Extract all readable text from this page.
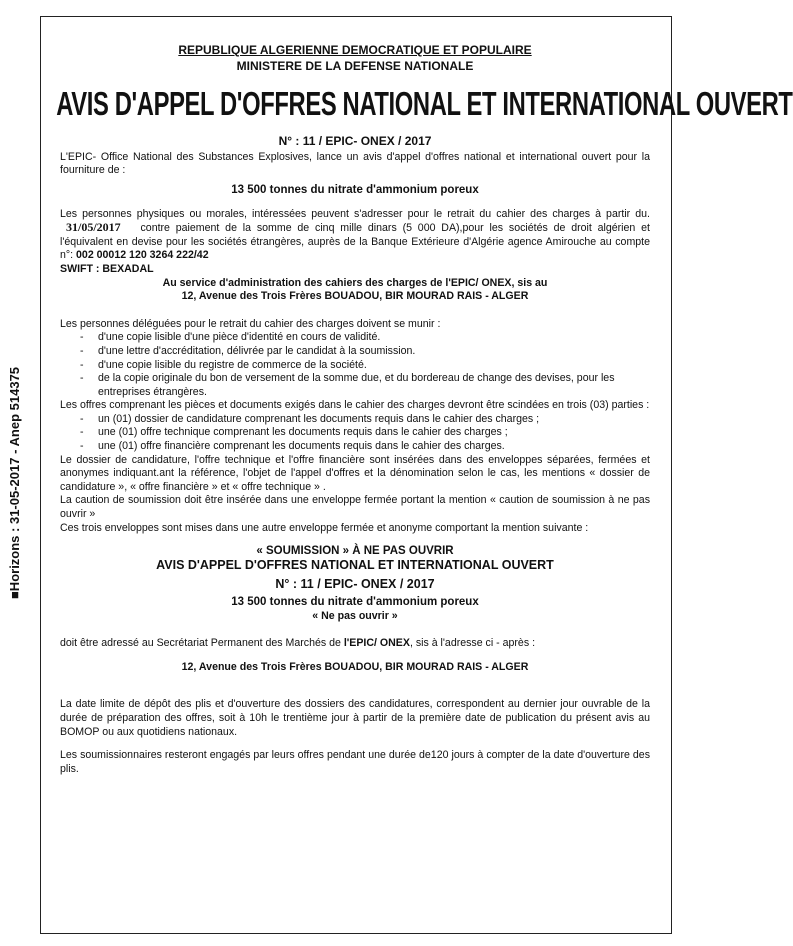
■Horizons : 31-05-2017 - Anep 514375
REPUBLIQUE ALGERIENNE DEMOCRATIQUE ET POPULAIRE
MINISTERE DE LA DEFENSE NATIONALE
AVIS D'APPEL D'OFFRES NATIONAL ET INTERNATIONAL OUVERT
N° : 11 / EPIC- ONEX / 2017

L'EPIC- Office National des Substances Explosives, lance un avis d'appel d'offres national et international ouvert pour la fourniture de :

13 500 tonnes du nitrate d'ammonium poreux

Les personnes physiques ou morales, intéressées peuvent s'adresser pour le retrait du cahier des charges à partir du. 31/05/2017 contre paiement de la somme de cinq mille dinars (5 000 DA),pour les sociétés de droit algérien et l'équivalent en devise pour les sociétés étrangères, auprès de la Banque Extérieure d'Algérie agence Amirouche au compte n°: 002 00012 120 3264 222/42

SWIFT : BEXADAL
Au service d'administration des cahiers des charges de l'EPIC/ ONEX, sis au
12, Avenue des Trois Frères BOUADOU, BIR MOURAD RAIS - ALGER

Les personnes déléguées pour le retrait du cahier des charges doivent se munir :

- d'une copie lisible d'une pièce d'identité en cours de validité.
- d'une lettre d'accréditation, délivrée par le candidat à la soumission.
- d'une copie lisible du registre de commerce de la société.
- de la copie originale du bon de versement de la somme due, et du bordereau de change des devises, pour les entreprises étrangères.

Les offres comprenant les pièces et documents exigés dans le cahier des charges devront être scindées en trois (03) parties :

- un (01) dossier de candidature comprenant les documents requis dans le cahier des charges ;
- une (01) offre technique comprenant les documents requis dans le cahier des charges ;
- une (01) offre financière comprenant les documents requis dans le cahier des charges.

Le dossier de candidature, l'offre technique et l'offre financière sont insérées dans des enveloppes séparées, fermées et anonymes indiquant.ant la référence, l'objet de l'appel d'offres et la dénomination selon le cas, les mentions « dossier de candidature », « offre financière » et « offre technique » .

La caution de soumission doit être insérée dans une enveloppe fermée portant la mention « caution de soumission à ne pas ouvrir »

Ces trois enveloppes sont mises dans une autre enveloppe fermée et anonyme comportant la mention suivante :

« SOUMISSION » À NE PAS OUVRIR
AVIS D'APPEL D'OFFRES NATIONAL ET INTERNATIONAL OUVERT
N° : 11 / EPIC- ONEX / 2017
13 500 tonnes du nitrate d'ammonium poreux
« Ne pas ouvrir »

doit être adressé au Secrétariat Permanent des Marchés de l'EPIC/ ONEX, sis à l'adresse ci - après :

12, Avenue des Trois Frères BOUADOU, BIR MOURAD RAIS - ALGER

La date limite de dépôt des plis et d'ouverture des dossiers des candidatures, correspondent au dernier jour ouvrable de la durée de préparation des offres, soit à 10h le trentième jour à partir de la première date de publication du présent avis au BOMOP ou aux quotidiens nationaux.

Les soumissionnaires resteront engagés par leurs offres pendant une durée de120 jours à compter de la date d'ouverture des plis.
